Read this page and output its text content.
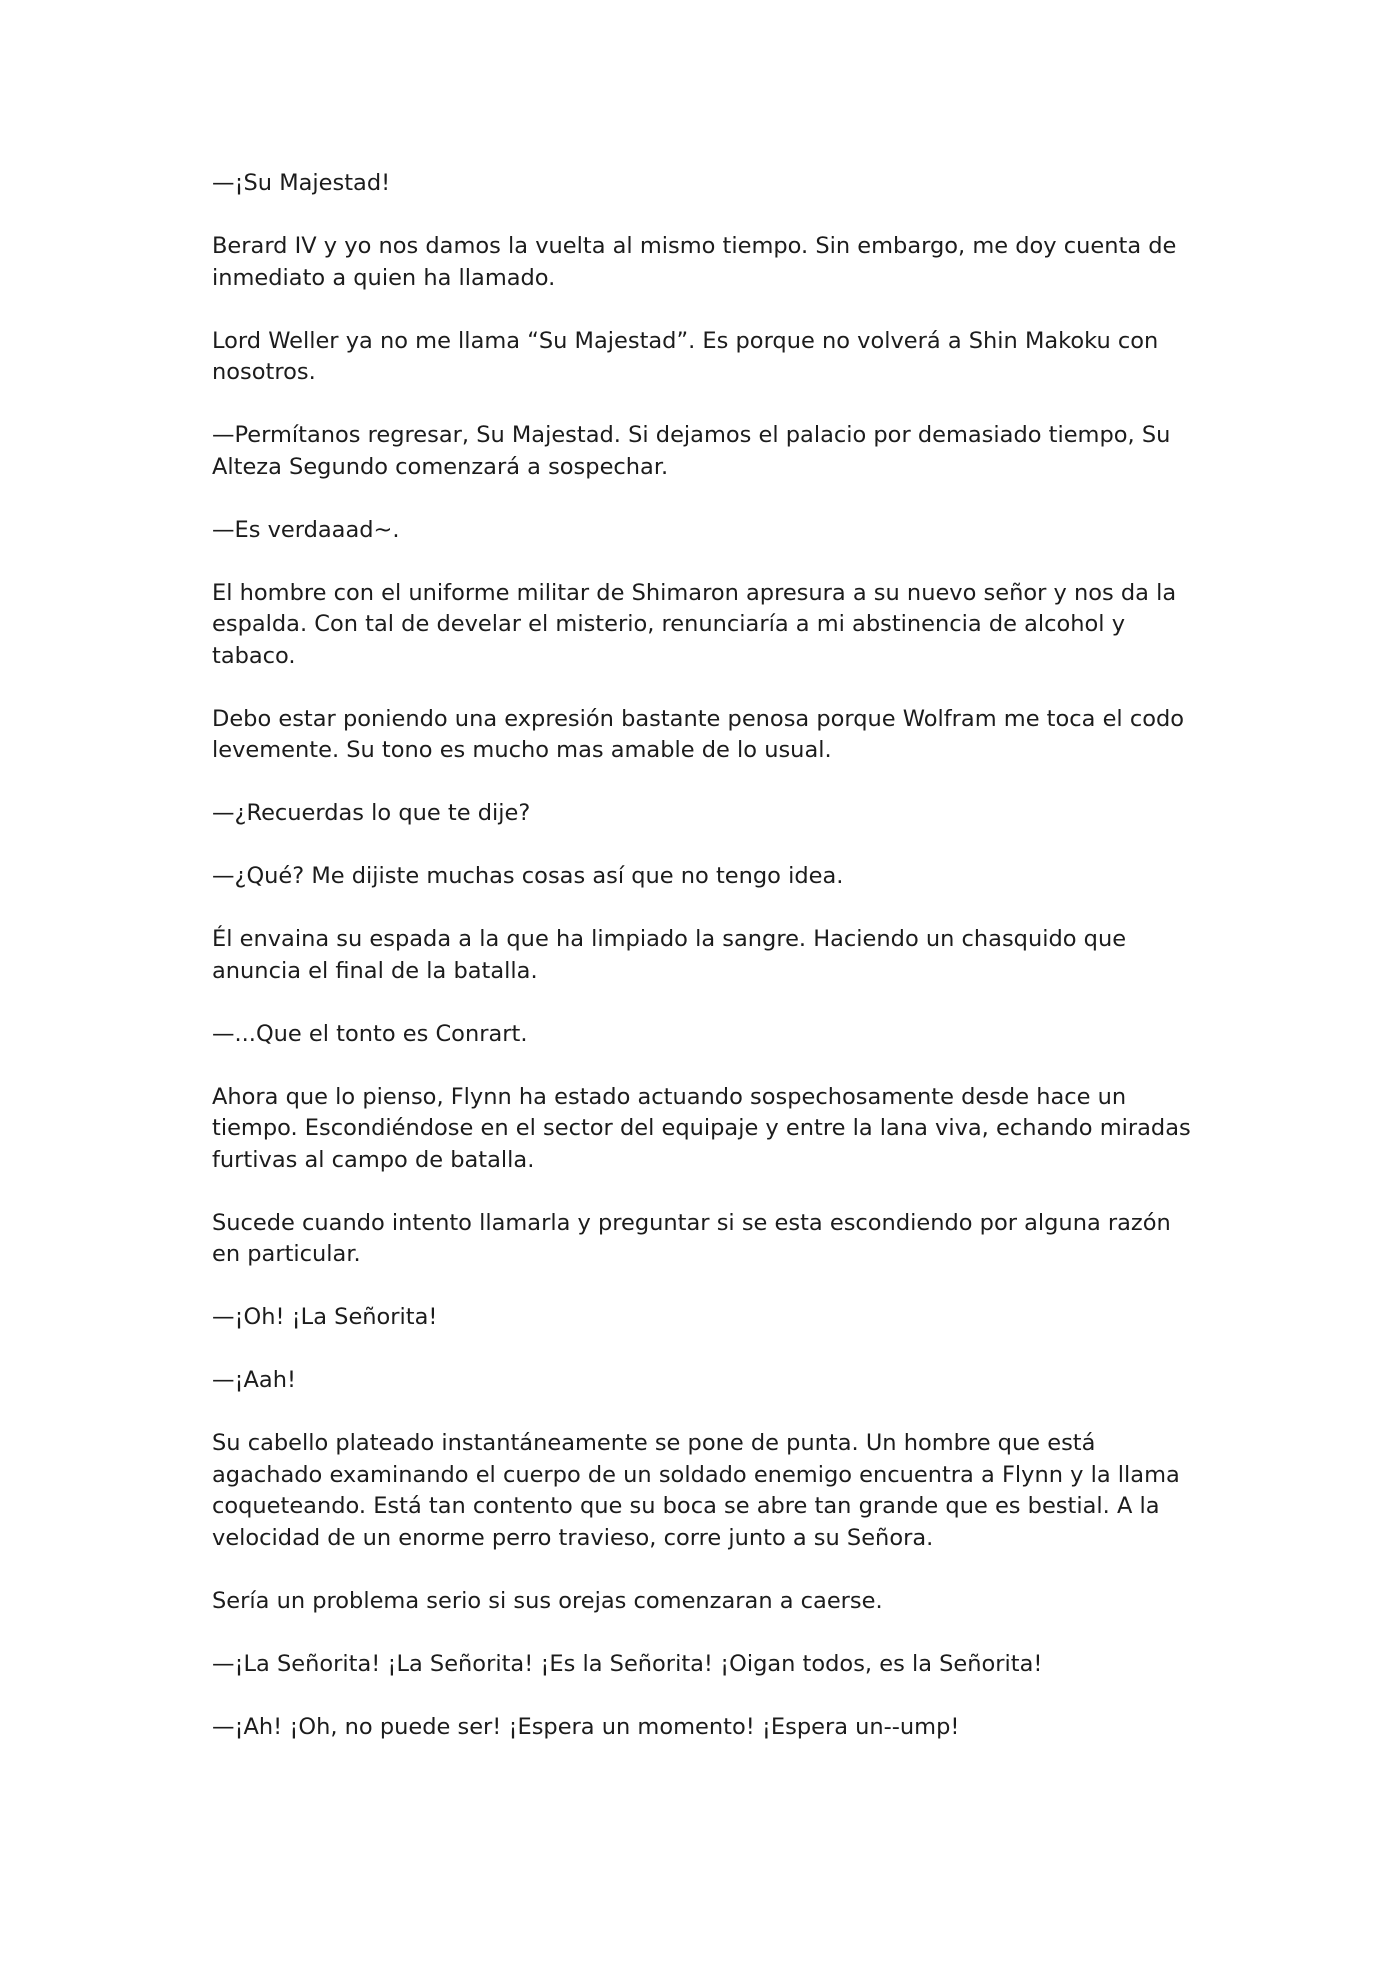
—¡Su Majestad!

Berard IV y yo nos damos la vuelta al mismo tiempo. Sin embargo, me doy cuenta de inmediato a quien ha llamado.

Lord Weller ya no me llama “Su Majestad”. Es porque no volverá a Shin Makoku con nosotros.

—Permítanos regresar, Su Majestad. Si dejamos el palacio por demasiado tiempo, Su Alteza Segundo comenzará a sospechar.

—Es verdaaad~.

El hombre con el uniforme militar de Shimaron apresura a su nuevo señor y nos da la espalda. Con tal de develar el misterio, renunciaría a mi abstinencia de alcohol y tabaco.

Debo estar poniendo una expresión bastante penosa porque Wolfram me toca el codo levemente. Su tono es mucho mas amable de lo usual.

—¿Recuerdas lo que te dije?

—¿Qué? Me dijiste muchas cosas así que no tengo idea.

Él envaina su espada a la que ha limpiado la sangre. Haciendo un chasquido que anuncia el final de la batalla.

—...Que el tonto es Conrart.

Ahora que lo pienso, Flynn ha estado actuando sospechosamente desde hace un tiempo. Escondiéndose en el sector del equipaje y entre la lana viva, echando miradas furtivas al campo de batalla.

Sucede cuando intento llamarla y preguntar si se esta escondiendo por alguna razón en particular.

—¡Oh! ¡La Señorita!

—¡Aah!

Su cabello plateado instantáneamente se pone de punta. Un hombre que está agachado examinando el cuerpo de un soldado enemigo encuentra a Flynn y la llama coqueteando. Está tan contento que su boca se abre tan grande que es bestial. A la velocidad de un enorme perro travieso, corre junto a su Señora.

Sería un problema serio si sus orejas comenzaran a caerse.

—¡La Señorita! ¡La Señorita! ¡Es la Señorita! ¡Oigan todos, es la Señorita!

—¡Ah! ¡Oh, no puede ser! ¡Espera un momento! ¡Espera un--ump!
